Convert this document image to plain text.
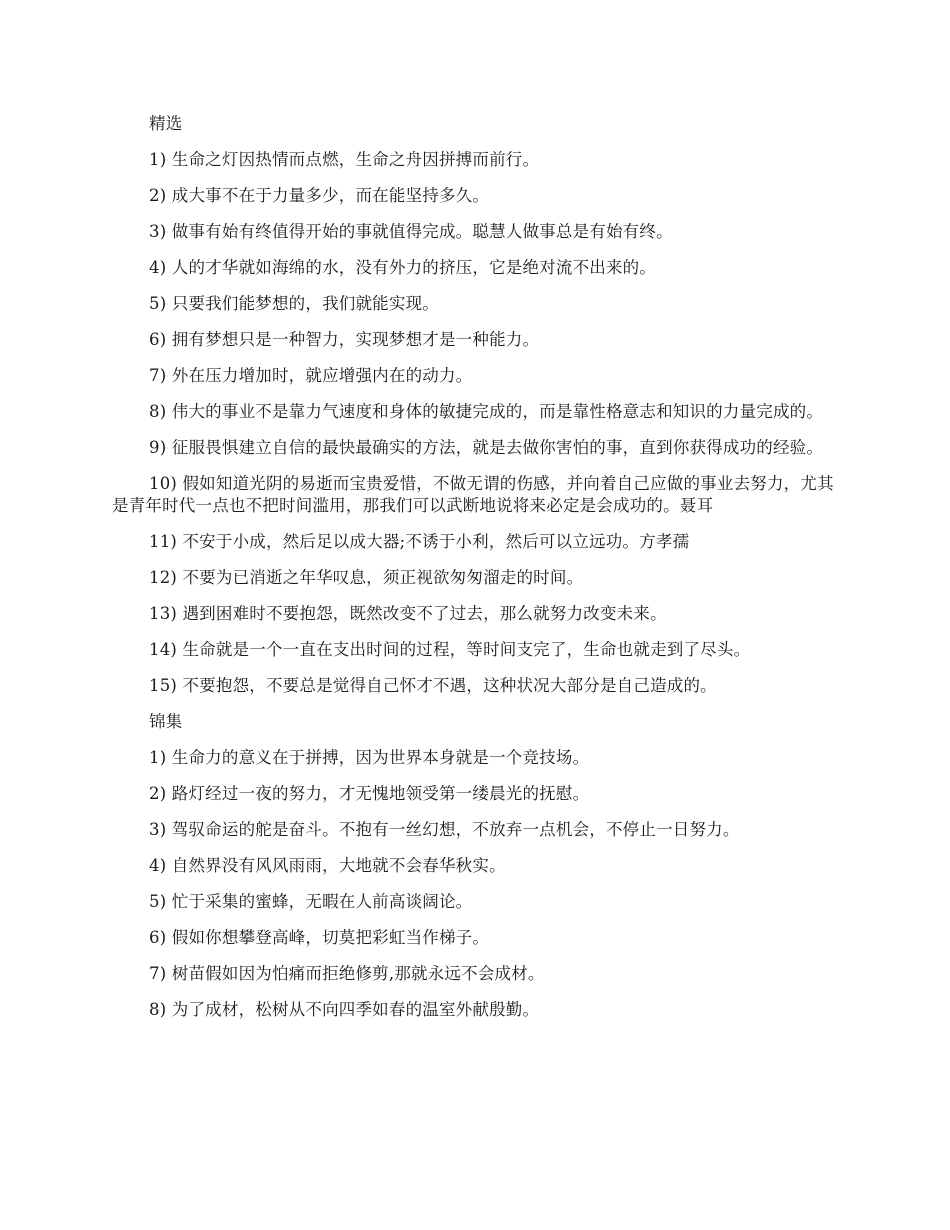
精选

1) 生命之灯因热情而点燃，生命之舟因拼搏而前行。

2) 成大事不在于力量多少，而在能坚持多久。

3) 做事有始有终值得开始的事就值得完成。聪慧人做事总是有始有终。

4) 人的才华就如海绵的水，没有外力的挤压，它是绝对流不出来的。

5) 只要我们能梦想的，我们就能实现。

6) 拥有梦想只是一种智力，实现梦想才是一种能力。

7) 外在压力增加时，就应增强内在的动力。

8) 伟大的事业不是靠力气速度和身体的敏捷完成的，而是靠性格意志和知识的力量完成的。

9) 征服畏惧建立自信的最快最确实的方法，就是去做你害怕的事，直到你获得成功的经验。

10) 假如知道光阴的易逝而宝贵爱惜，不做无谓的伤感，并向着自己应做的事业去努力，尤其是青年时代一点也不把时间滥用，那我们可以武断地说将来必定是会成功的。聂耳

11) 不安于小成，然后足以成大器;不诱于小利，然后可以立远功。方孝孺

12) 不要为已消逝之年华叹息，须正视欲匆匆溜走的时间。

13) 遇到困难时不要抱怨，既然改变不了过去，那么就努力改变未来。

14) 生命就是一个一直在支出时间的过程，等时间支完了，生命也就走到了尽头。

15) 不要抱怨，不要总是觉得自己怀才不遇，这种状况大部分是自己造成的。

锦集

1) 生命力的意义在于拼搏，因为世界本身就是一个竞技场。

2) 路灯经过一夜的努力，才无愧地领受第一缕晨光的抚慰。

3) 驾驭命运的舵是奋斗。不抱有一丝幻想，不放弃一点机会，不停止一日努力。

4) 自然界没有风风雨雨，大地就不会春华秋实。

5) 忙于采集的蜜蜂，无暇在人前高谈阔论。

6) 假如你想攀登高峰，切莫把彩虹当作梯子。

7) 树苗假如因为怕痛而拒绝修剪,那就永远不会成材。

8) 为了成材，松树从不向四季如春的温室外献殷勤。
